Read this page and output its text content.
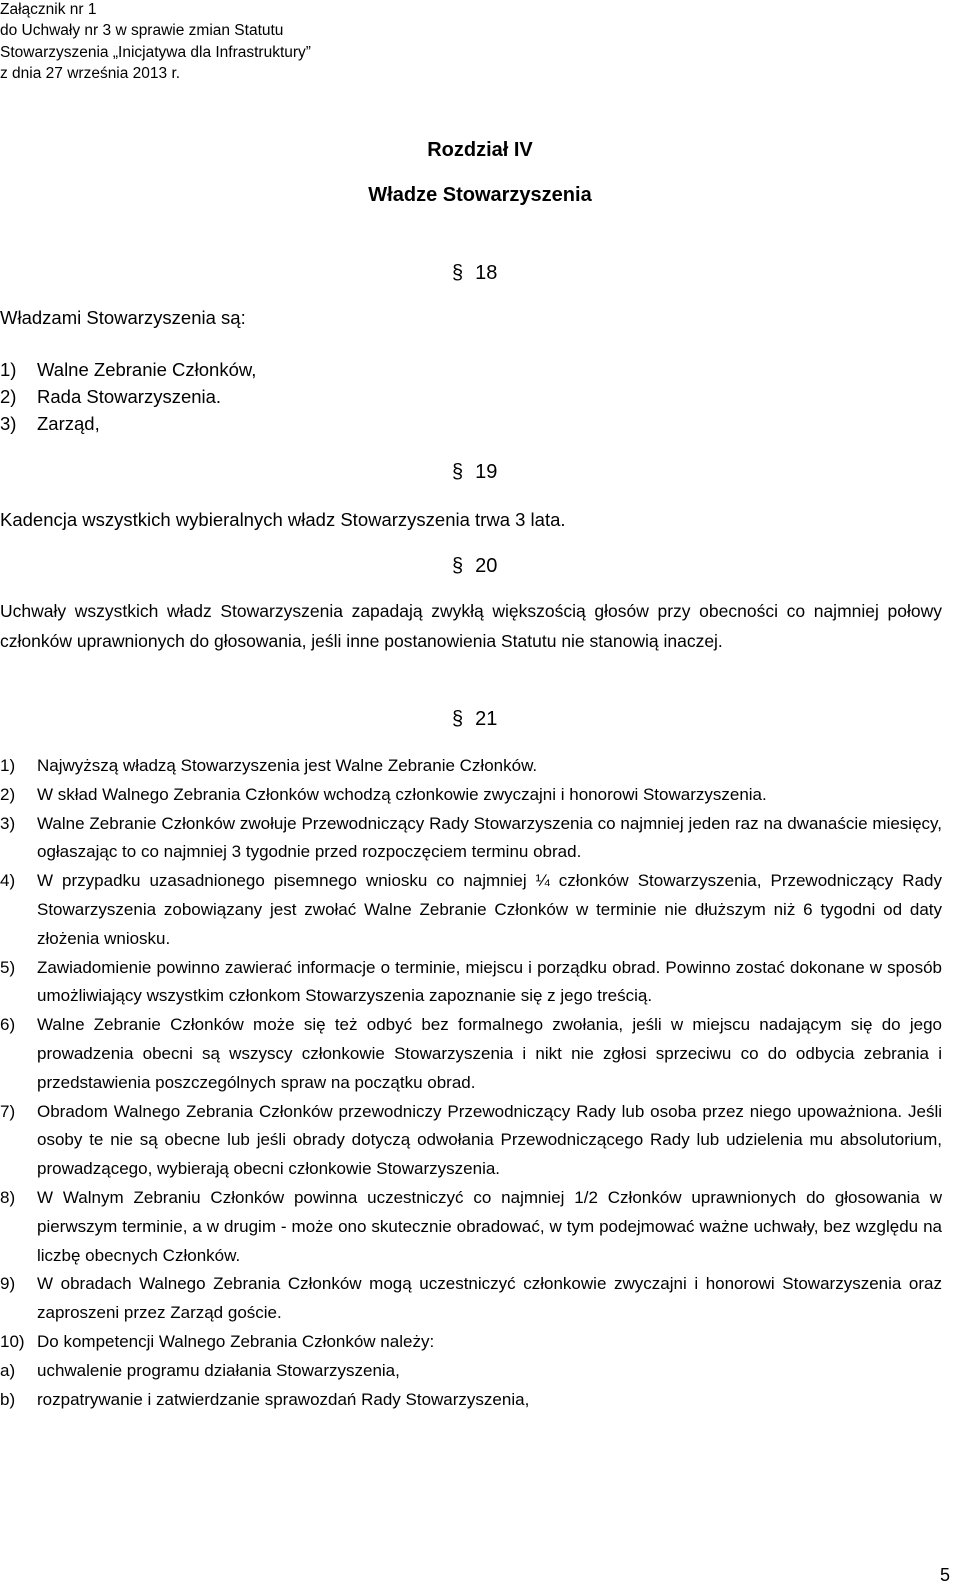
Załącznik nr 1
do Uchwały nr 3 w sprawie zmian Statutu
Stowarzyszenia „Inicjatywa dla Infrastruktury”
z dnia 27 września 2013 r.
Rozdział IV
Władze Stowarzyszenia
§ 18
Władzami Stowarzyszenia są:
1) Walne Zebranie Członków,
2) Rada Stowarzyszenia.
3) Zarząd,
§ 19
Kadencja wszystkich wybieralnych władz Stowarzyszenia trwa 3 lata.
§ 20
Uchwały wszystkich władz Stowarzyszenia zapadają zwykłą większością głosów przy obecności co najmniej połowy członków uprawnionych do głosowania, jeśli inne postanowienia Statutu nie stanowią inaczej.
§ 21
1) Najwyższą władzą Stowarzyszenia jest Walne Zebranie Członków.
2) W skład Walnego Zebrania Członków wchodzą członkowie zwyczajni i honorowi Stowarzyszenia.
3) Walne Zebranie Członków zwołuje Przewodniczący Rady Stowarzyszenia co najmniej jeden raz na dwanaście miesięcy, ogłaszając to co najmniej 3 tygodnie przed rozpoczęciem terminu obrad.
4) W przypadku uzasadnionego pisemnego wniosku co najmniej ¼ członków Stowarzyszenia, Przewodniczący Rady Stowarzyszenia zobowiązany jest zwołać Walne Zebranie Członków w terminie nie dłuższym niż 6 tygodni od daty złożenia wniosku.
5) Zawiadomienie powinno zawierać informacje o terminie, miejscu i porządku obrad. Powinno zostać dokonane w sposób umożliwiający wszystkim członkom Stowarzyszenia zapoznanie się z jego treścią.
6) Walne Zebranie Członków może się też odbyć bez formalnego zwołania, jeśli w miejscu nadającym się do jego prowadzenia obecni są wszyscy członkowie Stowarzyszenia i nikt nie zgłosi sprzeciwu co do odbycia zebrania i przedstawienia poszczególnych spraw na początku obrad.
7) Obradom Walnego Zebrania Członków przewodniczy Przewodniczący Rady lub osoba przez niego upoważniona. Jeśli osoby te nie są obecne lub jeśli obrady dotyczą odwołania Przewodniczącego Rady lub udzielenia mu absolutorium, prowadzącego, wybierają obecni członkowie Stowarzyszenia.
8) W Walnym Zebraniu Członków powinna uczestniczyć co najmniej 1/2 Członków uprawnionych do głosowania w pierwszym terminie, a w drugim - może ono skutecznie obradować, w tym podejmować ważne uchwały, bez względu na liczbę obecnych Członków.
9) W obradach Walnego Zebrania Członków mogą uczestniczyć członkowie zwyczajni i honorowi Stowarzyszenia oraz zaproszeni przez Zarząd goście.
10) Do kompetencji Walnego Zebrania Członków należy:
a) uchwalenie programu działania Stowarzyszenia,
b) rozpatrywanie i zatwierdzanie sprawozdań Rady Stowarzyszenia,
5
